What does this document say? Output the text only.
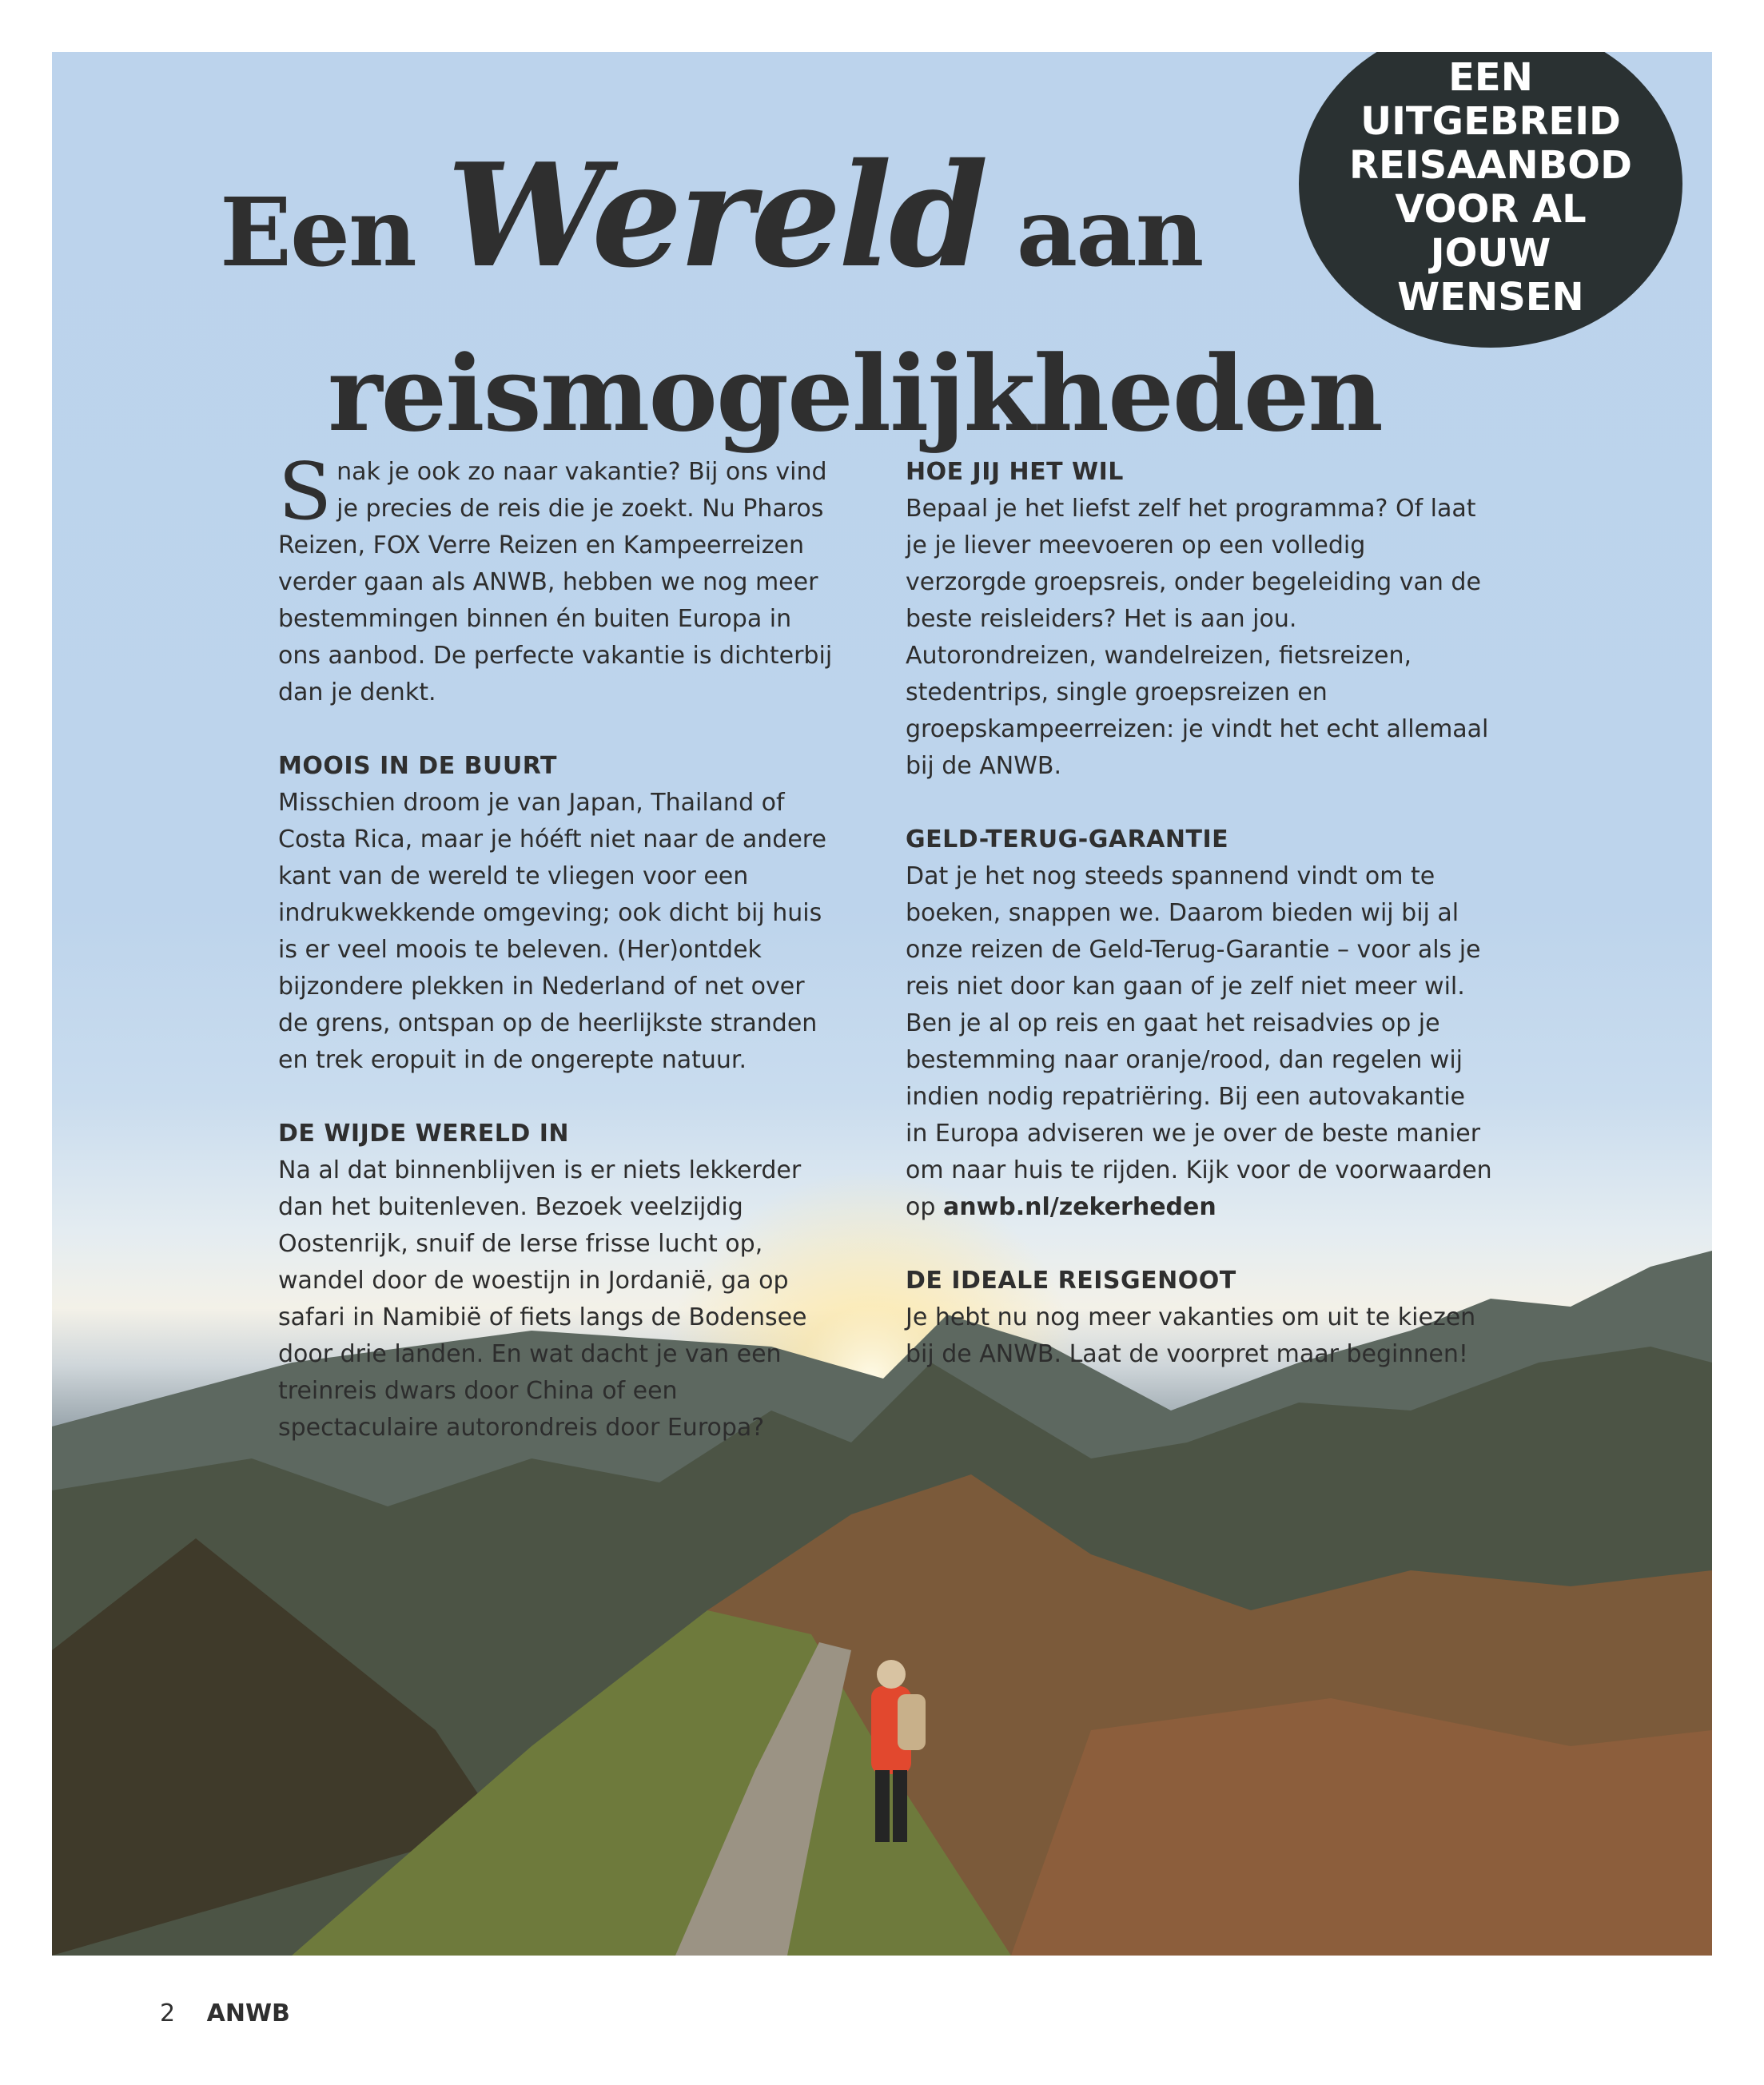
Een Wereld aan
reismogelijkheden
EEN UITGEBREID REISAANBOD VOOR AL JOUW WENSEN

Snak je ook zo naar vakantie? Bij ons vind je precies de reis die je zoekt. Nu Pharos Reizen, FOX Verre Reizen en Kampeerreizen verder gaan als ANWB, hebben we nog meer bestemmingen binnen én buiten Europa in ons aanbod. De perfecte vakantie is dichterbij dan je denkt.

MOOIS IN DE BUURT

Misschien droom je van Japan, Thailand of Costa Rica, maar je hóéft niet naar de andere kant van de wereld te vliegen voor een indrukwekkende omgeving; ook dicht bij huis is er veel moois te beleven. (Her)ontdek bijzondere plekken in Nederland of net over de grens, ontspan op de heerlijkste stranden en trek eropuit in de ongerepte natuur.

DE WIJDE WERELD IN

Na al dat binnenblijven is er niets lekkerder dan het buitenleven. Bezoek veelzijdig Oostenrijk, snuif de Ierse frisse lucht op, wandel door de woestijn in Jordanië, ga op safari in Namibië of fiets langs de Bodensee door drie landen. En wat dacht je van een treinreis dwars door China of een spectaculaire autorondreis door Europa?

HOE JIJ HET WIL

Bepaal je het liefst zelf het programma? Of laat je je liever meevoeren op een volledig verzorgde groepsreis, onder begeleiding van de beste reisleiders? Het is aan jou. Autorondreizen, wandelreizen, fietsreizen, stedentrips, single groepsreizen en groepskampeerreizen: je vindt het echt allemaal bij de ANWB.

GELD-TERUG-GARANTIE

Dat je het nog steeds spannend vindt om te boeken, snappen we. Daarom bieden wij bij al onze reizen de Geld-Terug-Garantie – voor als je reis niet door kan gaan of je zelf niet meer wil. Ben je al op reis en gaat het reisadvies op je bestemming naar oranje/rood, dan regelen wij indien nodig repatriëring. Bij een autovakantie in Europa adviseren we je over de beste manier om naar huis te rijden. Kijk voor de voorwaarden op anwb.nl/zekerheden

DE IDEALE REISGENOOT

Je hebt nu nog meer vakanties om uit te kiezen bij de ANWB. Laat de voorpret maar beginnen!

2 ANWB
